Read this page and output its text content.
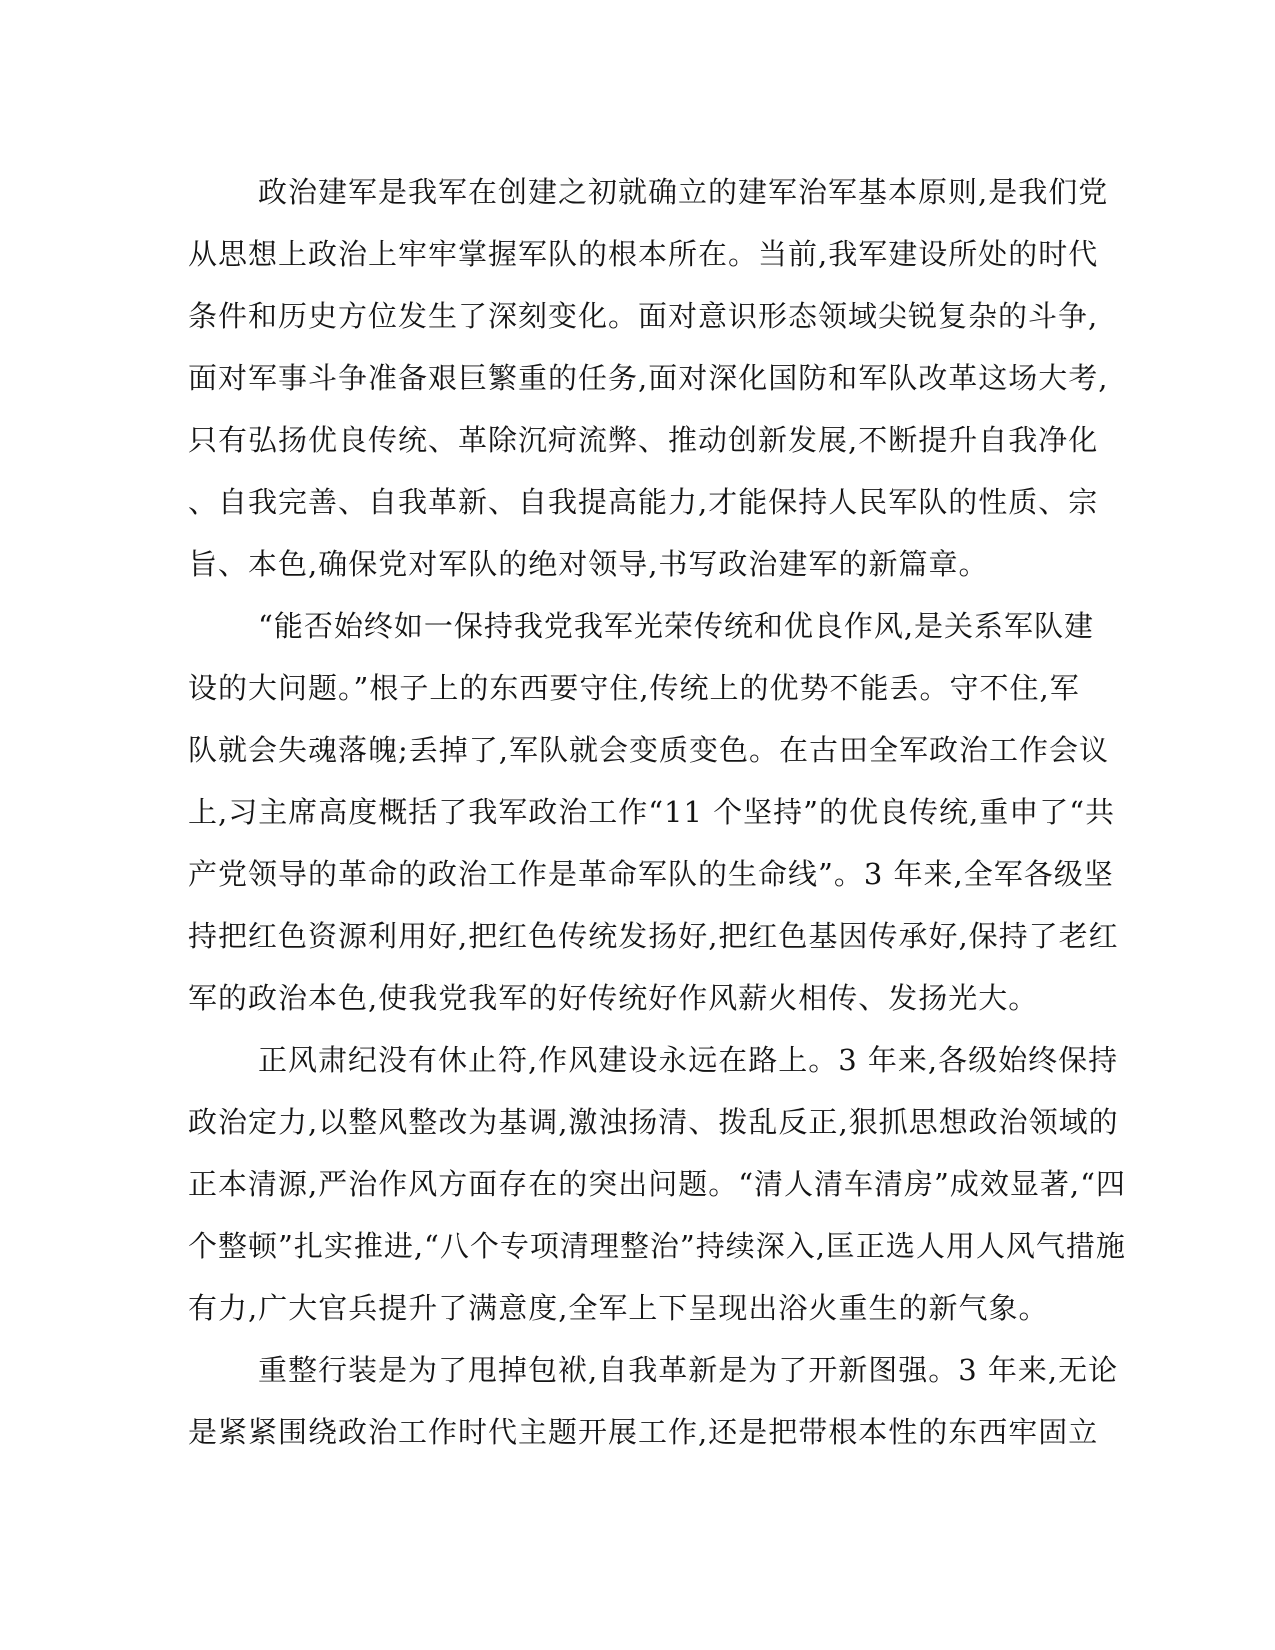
政治建军是我军在创建之初就确立的建军治军基本原则,是我们党
从思想上政治上牢牢掌握军队的根本所在。当前,我军建设所处的时代
条件和历史方位发生了深刻变化。面对意识形态领域尖锐复杂的斗争,
面对军事斗争准备艰巨繁重的任务,面对深化国防和军队改革这场大考,
只有弘扬优良传统、革除沉疴流弊、推动创新发展,不断提升自我净化
、自我完善、自我革新、自我提高能力,才能保持人民军队的性质、宗
旨、本色,确保党对军队的绝对领导,书写政治建军的新篇章。
“能否始终如一保持我党我军光荣传统和优良作风,是关系军队建
设的大问题。”根子上的东西要守住,传统上的优势不能丢。守不住,军
队就会失魂落魄;丢掉了,军队就会变质变色。在古田全军政治工作会议
上,习主席高度概括了我军政治工作“11 个坚持”的优良传统,重申了“共
产党领导的革命的政治工作是革命军队的生命线”。3 年来,全军各级坚
持把红色资源利用好,把红色传统发扬好,把红色基因传承好,保持了老红
军的政治本色,使我党我军的好传统好作风薪火相传、发扬光大。
正风肃纪没有休止符,作风建设永远在路上。3 年来,各级始终保持
政治定力,以整风整改为基调,激浊扬清、拨乱反正,狠抓思想政治领域的
正本清源,严治作风方面存在的突出问题。“清人清车清房”成效显著,“四
个整顿”扎实推进,“八个专项清理整治”持续深入,匡正选人用人风气措施
有力,广大官兵提升了满意度,全军上下呈现出浴火重生的新气象。
重整行装是为了甩掉包袱,自我革新是为了开新图强。3 年来,无论
是紧紧围绕政治工作时代主题开展工作,还是把带根本性的东西牢固立
